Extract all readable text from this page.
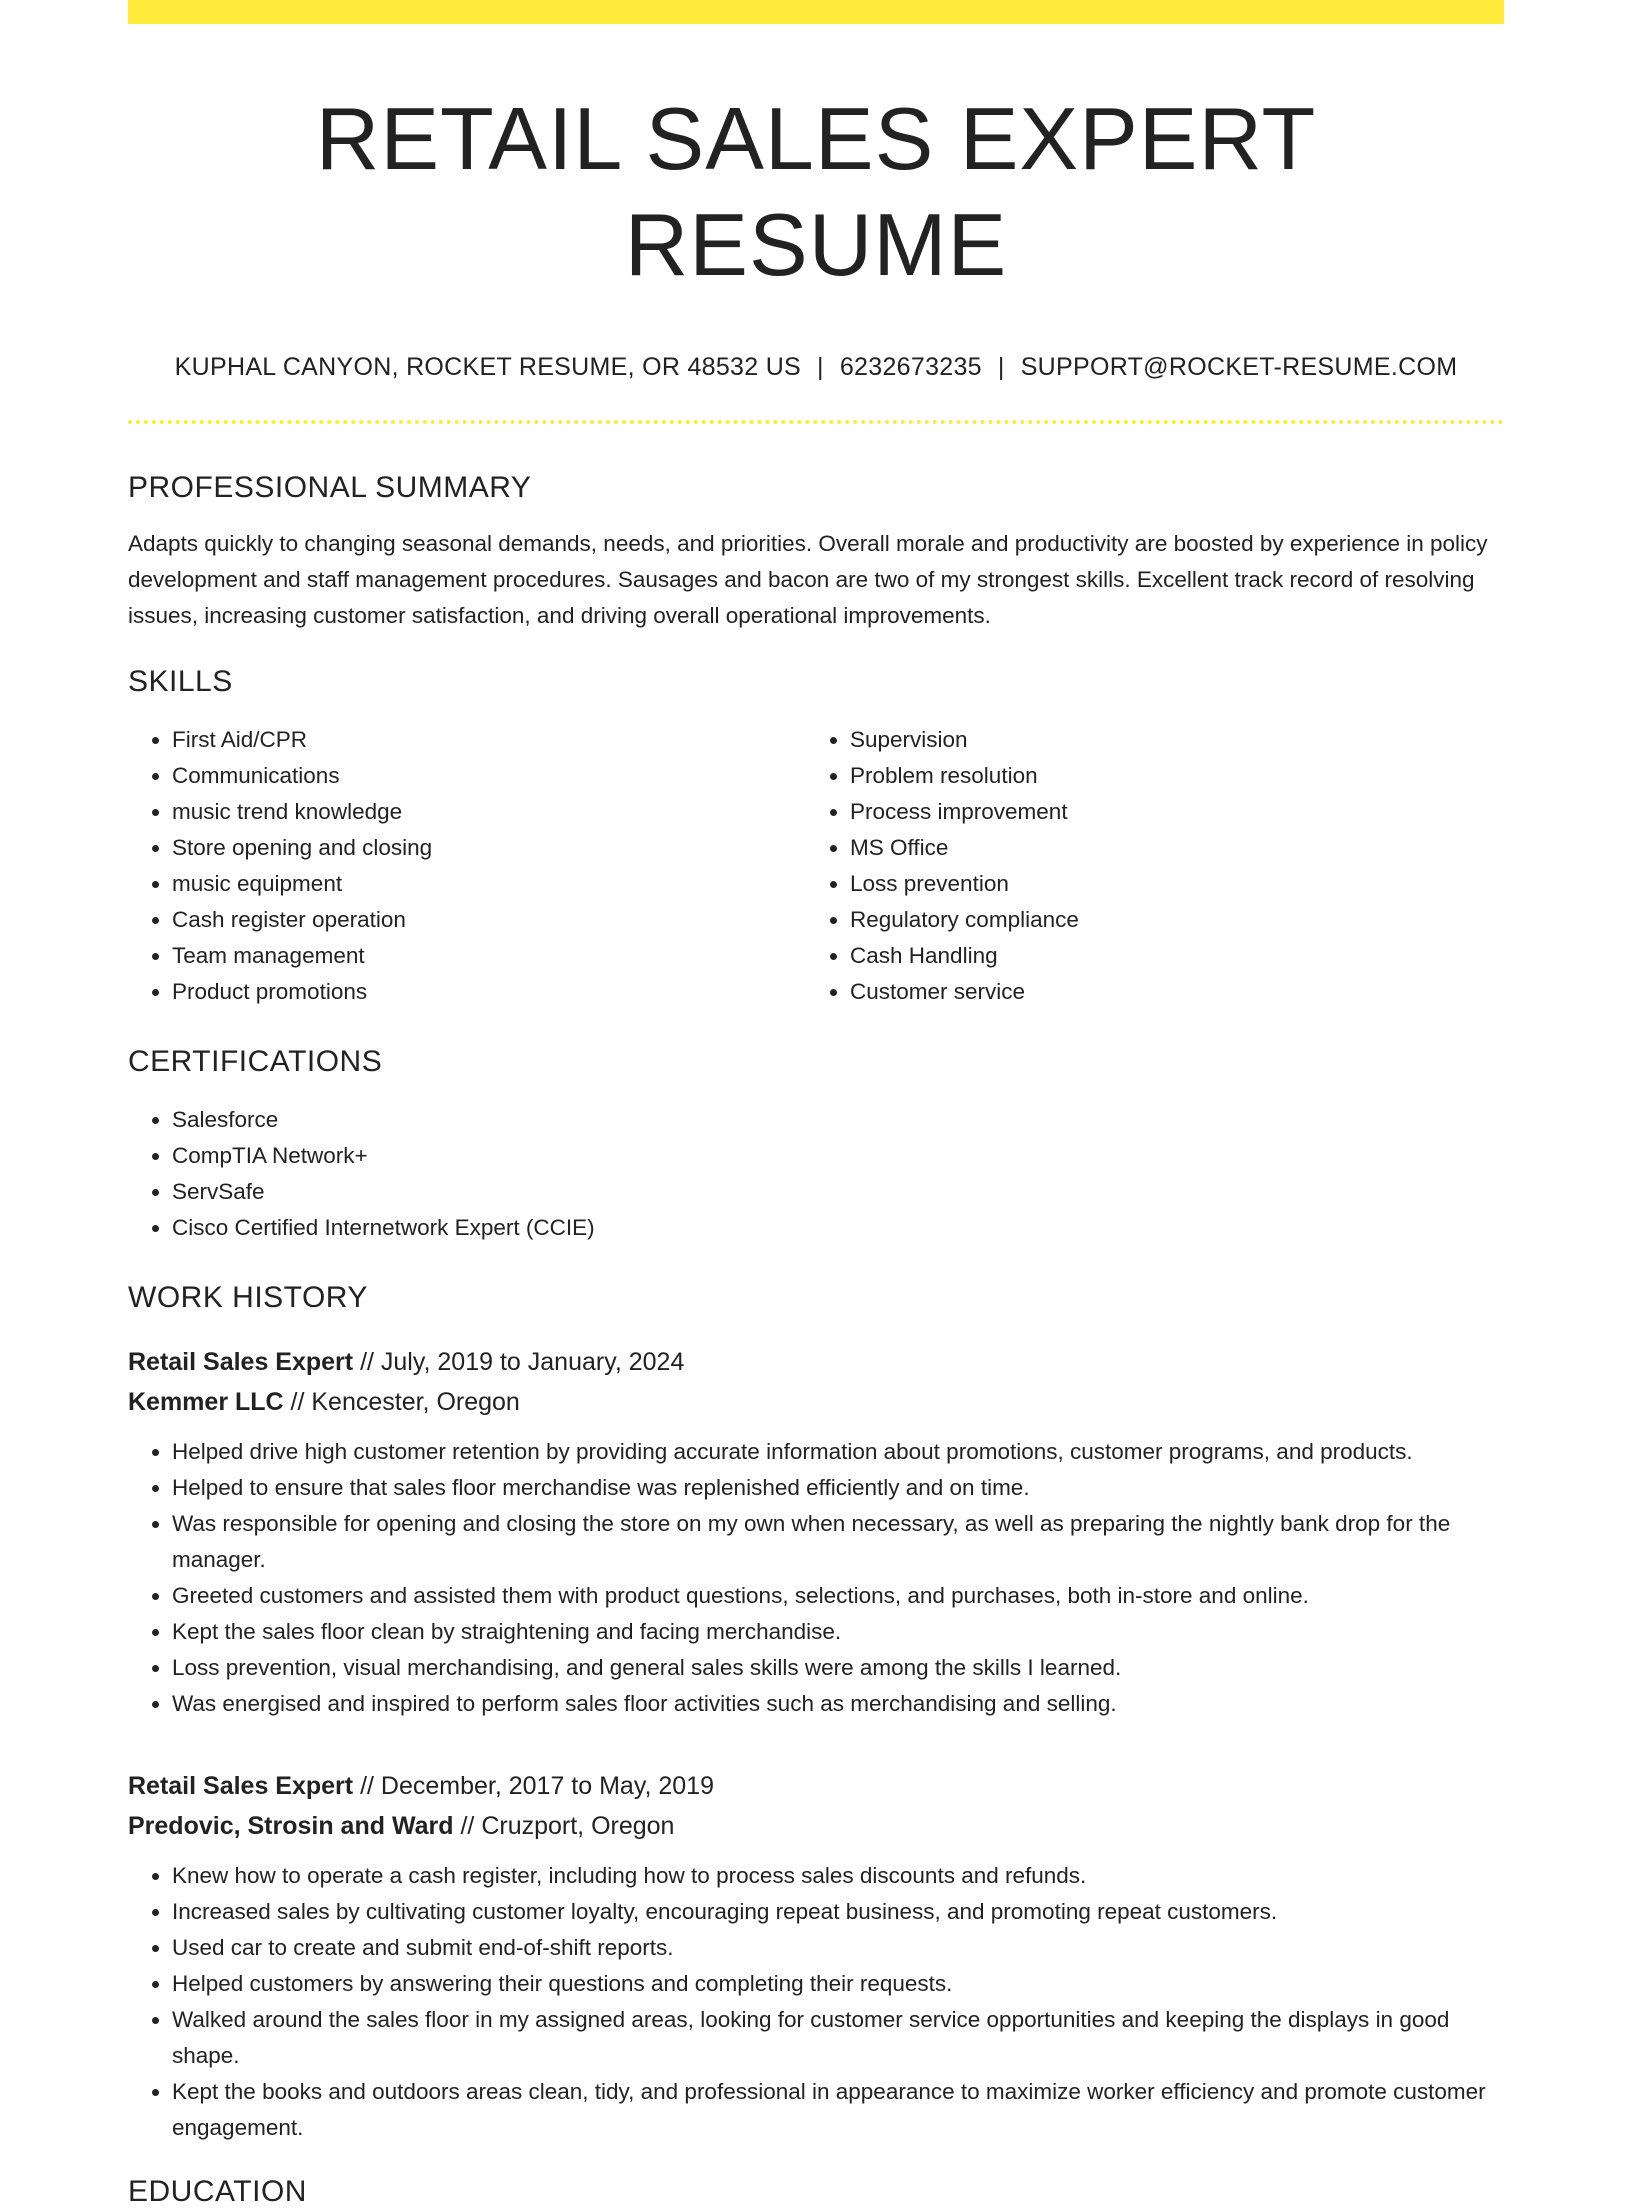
RETAIL SALES EXPERT RESUME
KUPHAL CANYON, ROCKET RESUME, OR 48532 US | 6232673235 | SUPPORT@ROCKET-RESUME.COM
PROFESSIONAL SUMMARY

Adapts quickly to changing seasonal demands, needs, and priorities. Overall morale and productivity are boosted by experience in policy development and staff management procedures. Sausages and bacon are two of my strongest skills. Excellent track record of resolving issues, increasing customer satisfaction, and driving overall operational improvements.

SKILLS
• First Aid/CPR
• Communications
• music trend knowledge
• Store opening and closing
• music equipment
• Cash register operation
• Team management
• Product promotions
• Supervision
• Problem resolution
• Process improvement
• MS Office
• Loss prevention
• Regulatory compliance
• Cash Handling
• Customer service
CERTIFICATIONS
• Salesforce
• CompTIA Network+
• ServSafe
• Cisco Certified Internetwork Expert (CCIE)
WORK HISTORY
Retail Sales Expert // July, 2019 to January, 2024
Kemmer LLC // Kencester, Oregon
• Helped drive high customer retention by providing accurate information about promotions, customer programs, and products.
• Helped to ensure that sales floor merchandise was replenished efficiently and on time.
• Was responsible for opening and closing the store on my own when necessary, as well as preparing the nightly bank drop for the manager.
• Greeted customers and assisted them with product questions, selections, and purchases, both in-store and online.
• Kept the sales floor clean by straightening and facing merchandise.
• Loss prevention, visual merchandising, and general sales skills were among the skills I learned.
• Was energised and inspired to perform sales floor activities such as merchandising and selling.
Retail Sales Expert // December, 2017 to May, 2019
Predovic, Strosin and Ward // Cruzport, Oregon
• Knew how to operate a cash register, including how to process sales discounts and refunds.
• Increased sales by cultivating customer loyalty, encouraging repeat business, and promoting repeat customers.
• Used car to create and submit end-of-shift reports.
• Helped customers by answering their questions and completing their requests.
• Walked around the sales floor in my assigned areas, looking for customer service opportunities and keeping the displays in good shape.
• Kept the books and outdoors areas clean, tidy, and professional in appearance to maximize worker efficiency and promote customer engagement.
EDUCATION
